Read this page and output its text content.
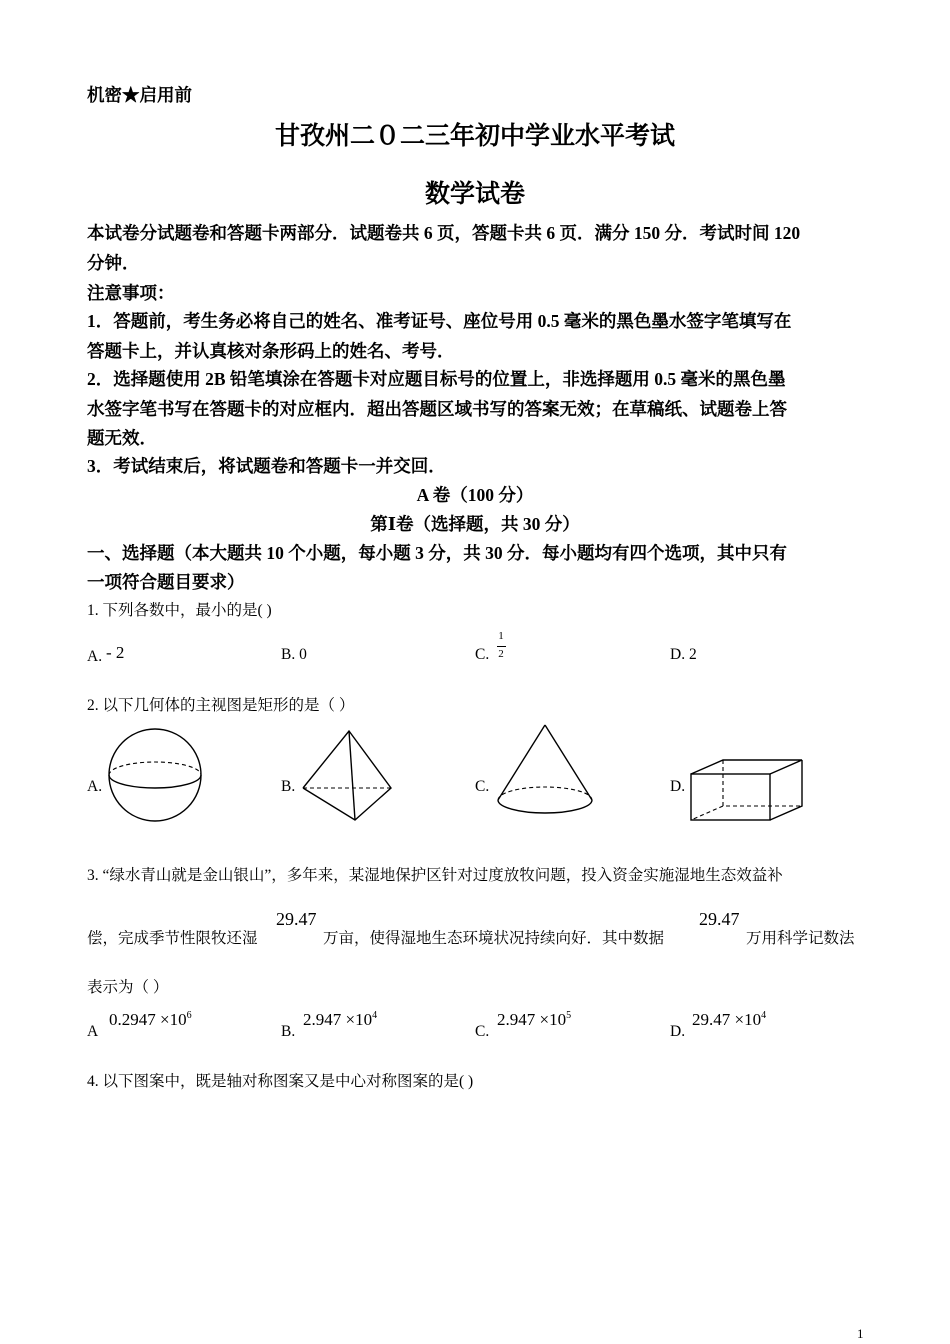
机密★启用前
甘孜州二０二三年初中学业水平考试
数学试卷
本试卷分试题卷和答题卡两部分．试题卷共 6 页，答题卡共 6 页．满分 150 分．考试时间 120
分钟．
注意事项：
1．答题前，考生务必将自己的姓名、准考证号、座位号用 0.5 毫米的黑色墨水签字笔填写在
答题卡上，并认真核对条形码上的姓名、考号．
2．选择题使用 2B 铅笔填涂在答题卡对应题目标号的位置上，非选择题用 0.5 毫米的黑色墨
水签字笔书写在答题卡的对应框内．超出答题区域书写的答案无效；在草稿纸、试题卷上答
题无效．
3．考试结束后，将试题卷和答题卡一并交回．
A 卷（100 分）
第Ⅰ卷（选择题，共 30 分）
一、选择题（本大题共 10 个小题，每小题 3 分，共 30 分．每小题均有四个选项，其中只有
一项符合题目要求）
1. 下列各数中，最小的是( )
A. - 2	B. 0	C.
1
2	D. 2
2. 以下几何体的主视图是矩形的是（ ）
A.	B.	C.	D.
3. “绿水青山就是金山银山”，多年来，某湿地保护区针对过度放牧问题，投入资金实施湿地生态效益补
偿，完成季节性限牧还湿
29.47
万亩，使得湿地生态环境状况持续向好．其中数据
29.47
万用科学记数法
表示为（ ）
A
$0.2947 \times 10^6$
B.
$2.947 \times 10^4$
C.
$2.947 \times 10^5$
D.
$29.47 \times 10^4$
4. 以下图案中，既是轴对称图案又是中心对称图案的是( )
1
